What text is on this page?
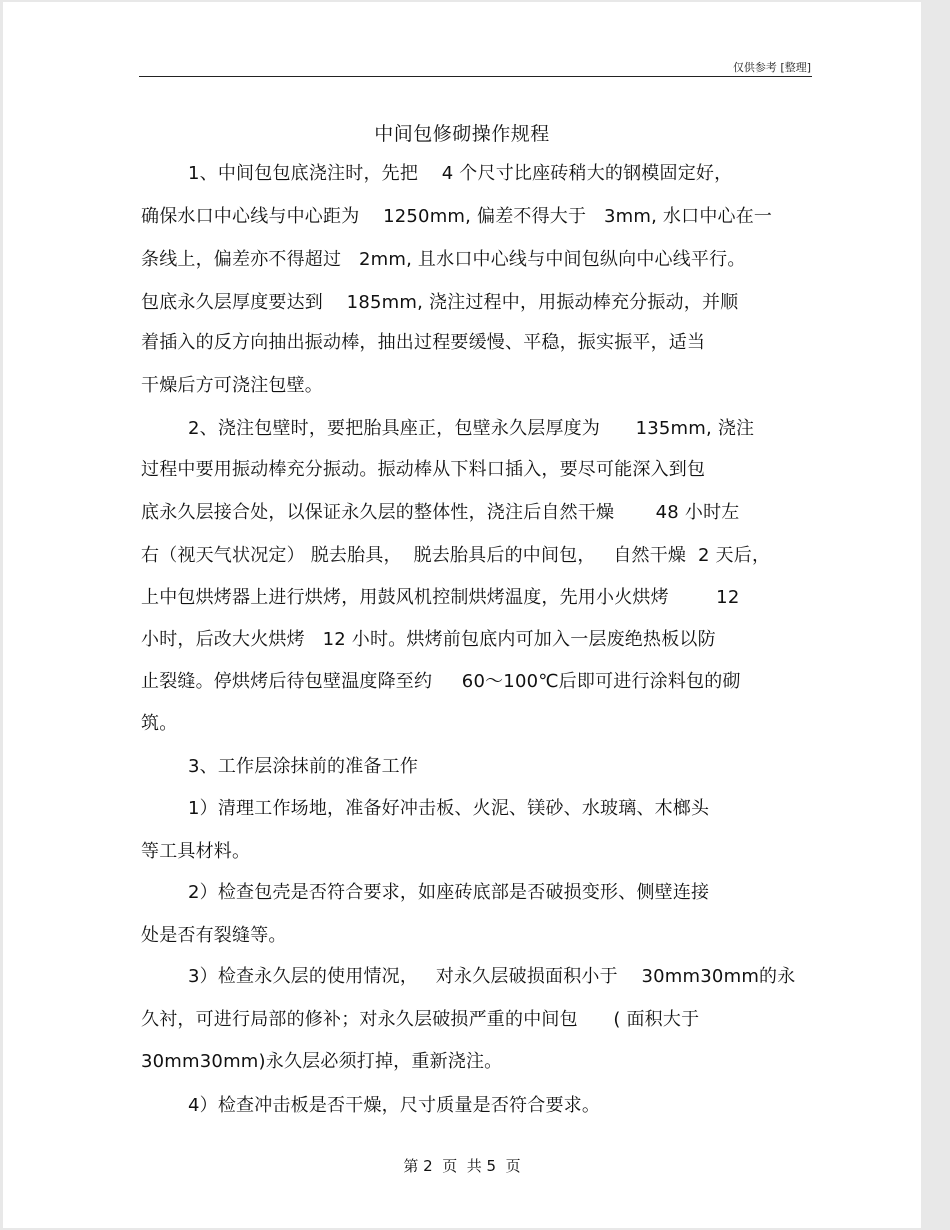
仅供参考 [整理]
中间包修砌操作规程
1、中间包包底浇注时，先把    4 个尺寸比座砖稍大的钢模固定好，
确保水口中心线与中心距为    1250mm, 偏差不得大于   3mm, 水口中心在一
条线上，偏差亦不得超过   2mm, 且水口中心线与中间包纵向中心线平行。
包底永久层厚度要达到    185mm, 浇注过程中，用振动棒充分振动，并顺
着插入的反方向抽出振动棒，抽出过程要缓慢、平稳，振实振平，适当
干燥后方可浇注包壁。
2、浇注包壁时，要把胎具座正，包壁永久层厚度为      135mm, 浇注
过程中要用振动棒充分振动。振动棒从下料口插入，要尽可能深入到包
底永久层接合处，以保证永久层的整体性，浇注后自然干燥       48 小时左
右（视天气状况定） 脱去胎具，  脱去胎具后的中间包，   自然干燥  2 天后，
上中包烘烤器上进行烘烤，用鼓风机控制烘烤温度，先用小火烘烤        12
小时，后改大火烘烤   12 小时。烘烤前包底内可加入一层废绝热板以防
止裂缝。停烘烤后待包壁温度降至约     60～100℃后即可进行涂料包的砌
筑。
3、工作层涂抹前的准备工作
1）清理工作场地，准备好冲击板、火泥、镁砂、水玻璃、木榔头
等工具材料。
2）检查包壳是否符合要求，如座砖底部是否破损变形、侧壁连接
处是否有裂缝等。
3）检查永久层的使用情况，   对永久层破损面积小于    30mm30mm的永
久衬，可进行局部的修补；对永久层破损严重的中间包      ( 面积大于
30mm30mm)永久层必须打掉，重新浇注。
4）检查冲击板是否干燥，尺寸质量是否符合要求。
第 2  页  共 5  页
